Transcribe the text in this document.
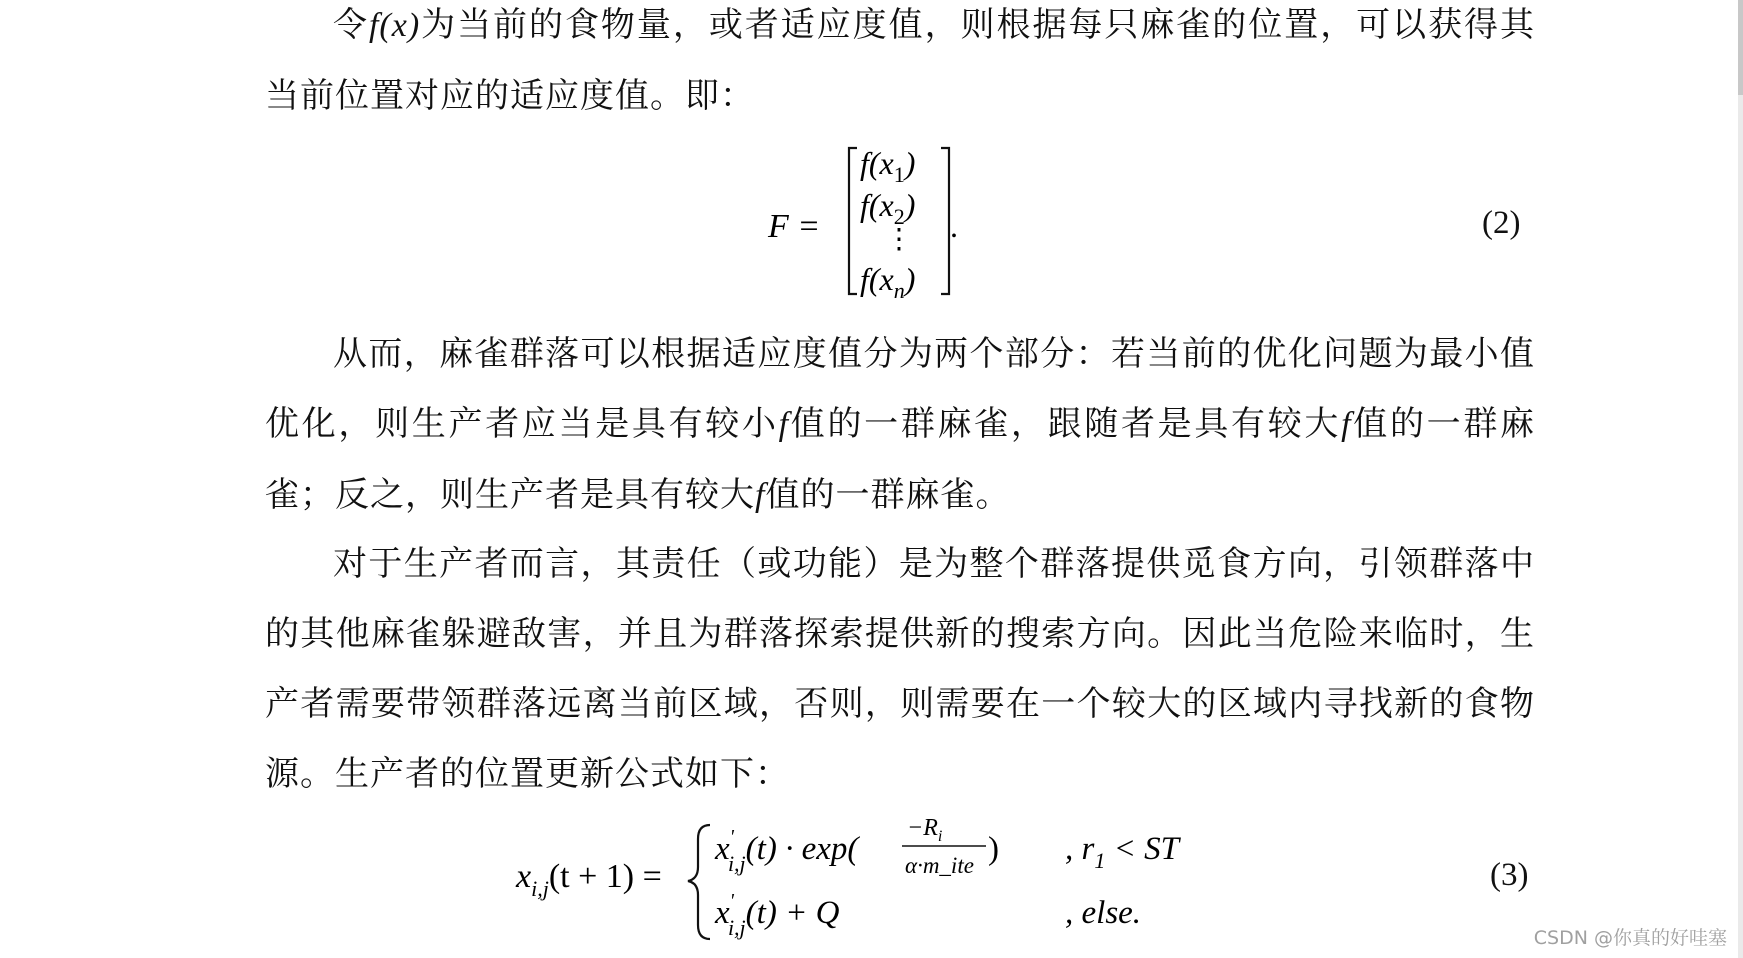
令f(x)为当前的食物量，或者适应度值，则根据每只麻雀的位置，可以获得其当前位置对应的适应度值。即：

F =
$f(x_1)$
$f(x_2)$
⋮
$f(x_n)$
.	(2)

从而，麻雀群落可以根据适应度值分为两个部分：若当前的优化问题为最小值优化，则生产者应当是具有较小f值的一群麻雀，跟随者是具有较大f值的一群麻雀；反之，则生产者是具有较大f值的一群麻雀。

对于生产者而言，其责任（或功能）是为整个群落提供觅食方向，引领群落中的其他麻雀躲避敌害，并且为群落探索提供新的搜索方向。因此当危险来临时，生产者需要带领群落远离当前区域，否则，则需要在一个较大的区域内寻找新的食物源。生产者的位置更新公式如下：

$x_{i,j}(t + 1)$ =
x' i,j(t) · exp(
$-R_i$
α·m_ite ) , $r_1$ < ST
x' i,j(t) + Q	, else.
(3)
CSDN @你真的好哇塞
